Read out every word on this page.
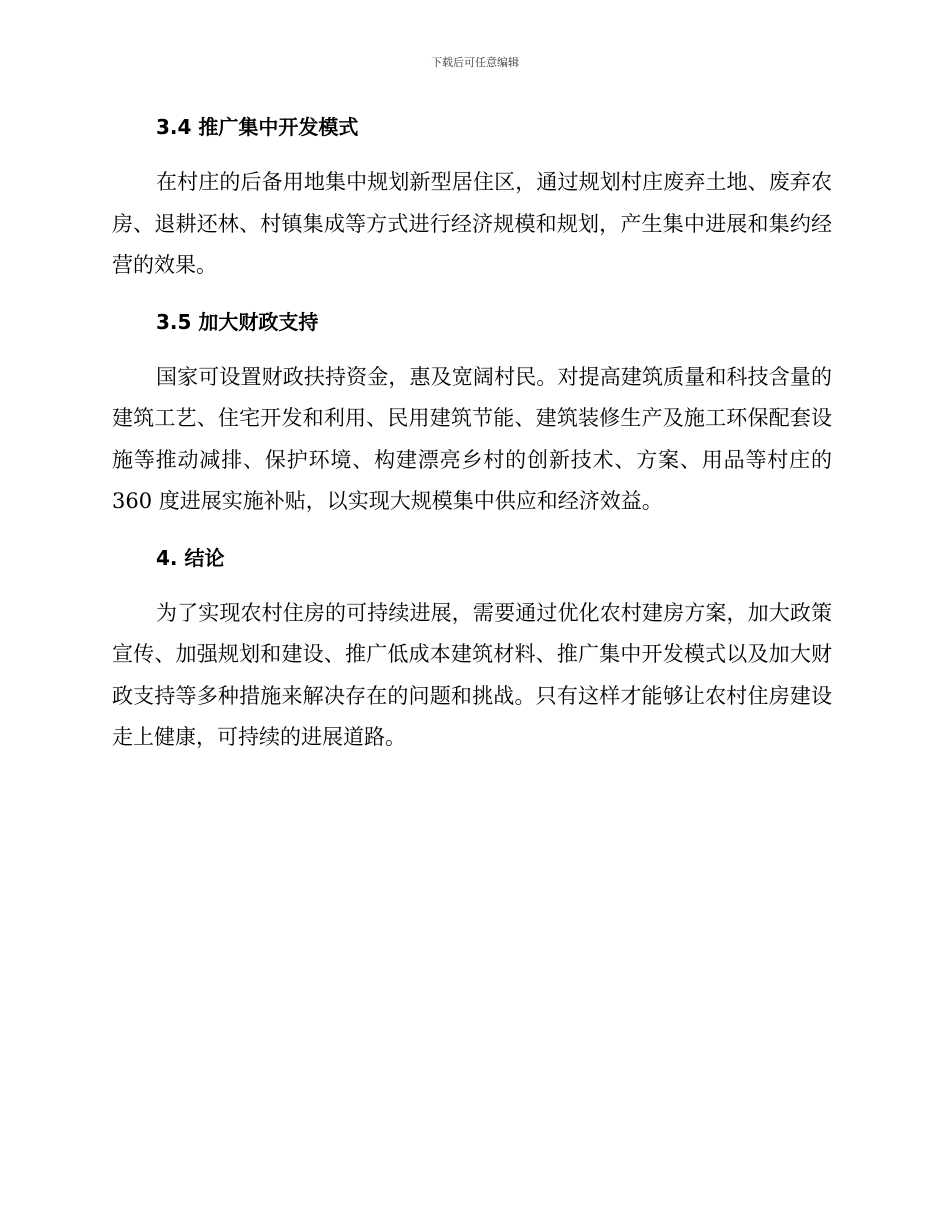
下载后可任意编辑
3.4 推广集中开发模式

在村庄的后备用地集中规划新型居住区，通过规划村庄废弃土地、废弃农房、退耕还林、村镇集成等方式进行经济规模和规划，产生集中进展和集约经营的效果。

3.5 加大财政支持

国家可设置财政扶持资金，惠及宽阔村民。对提高建筑质量和科技含量的建筑工艺、住宅开发和利用、民用建筑节能、建筑装修生产及施工环保配套设施等推动减排、保护环境、构建漂亮乡村的创新技术、方案、用品等村庄的 360 度进展实施补贴，以实现大规模集中供应和经济效益。

4. 结论

为了实现农村住房的可持续进展，需要通过优化农村建房方案，加大政策宣传、加强规划和建设、推广低成本建筑材料、推广集中开发模式以及加大财政支持等多种措施来解决存在的问题和挑战。只有这样才能够让农村住房建设走上健康，可持续的进展道路。
